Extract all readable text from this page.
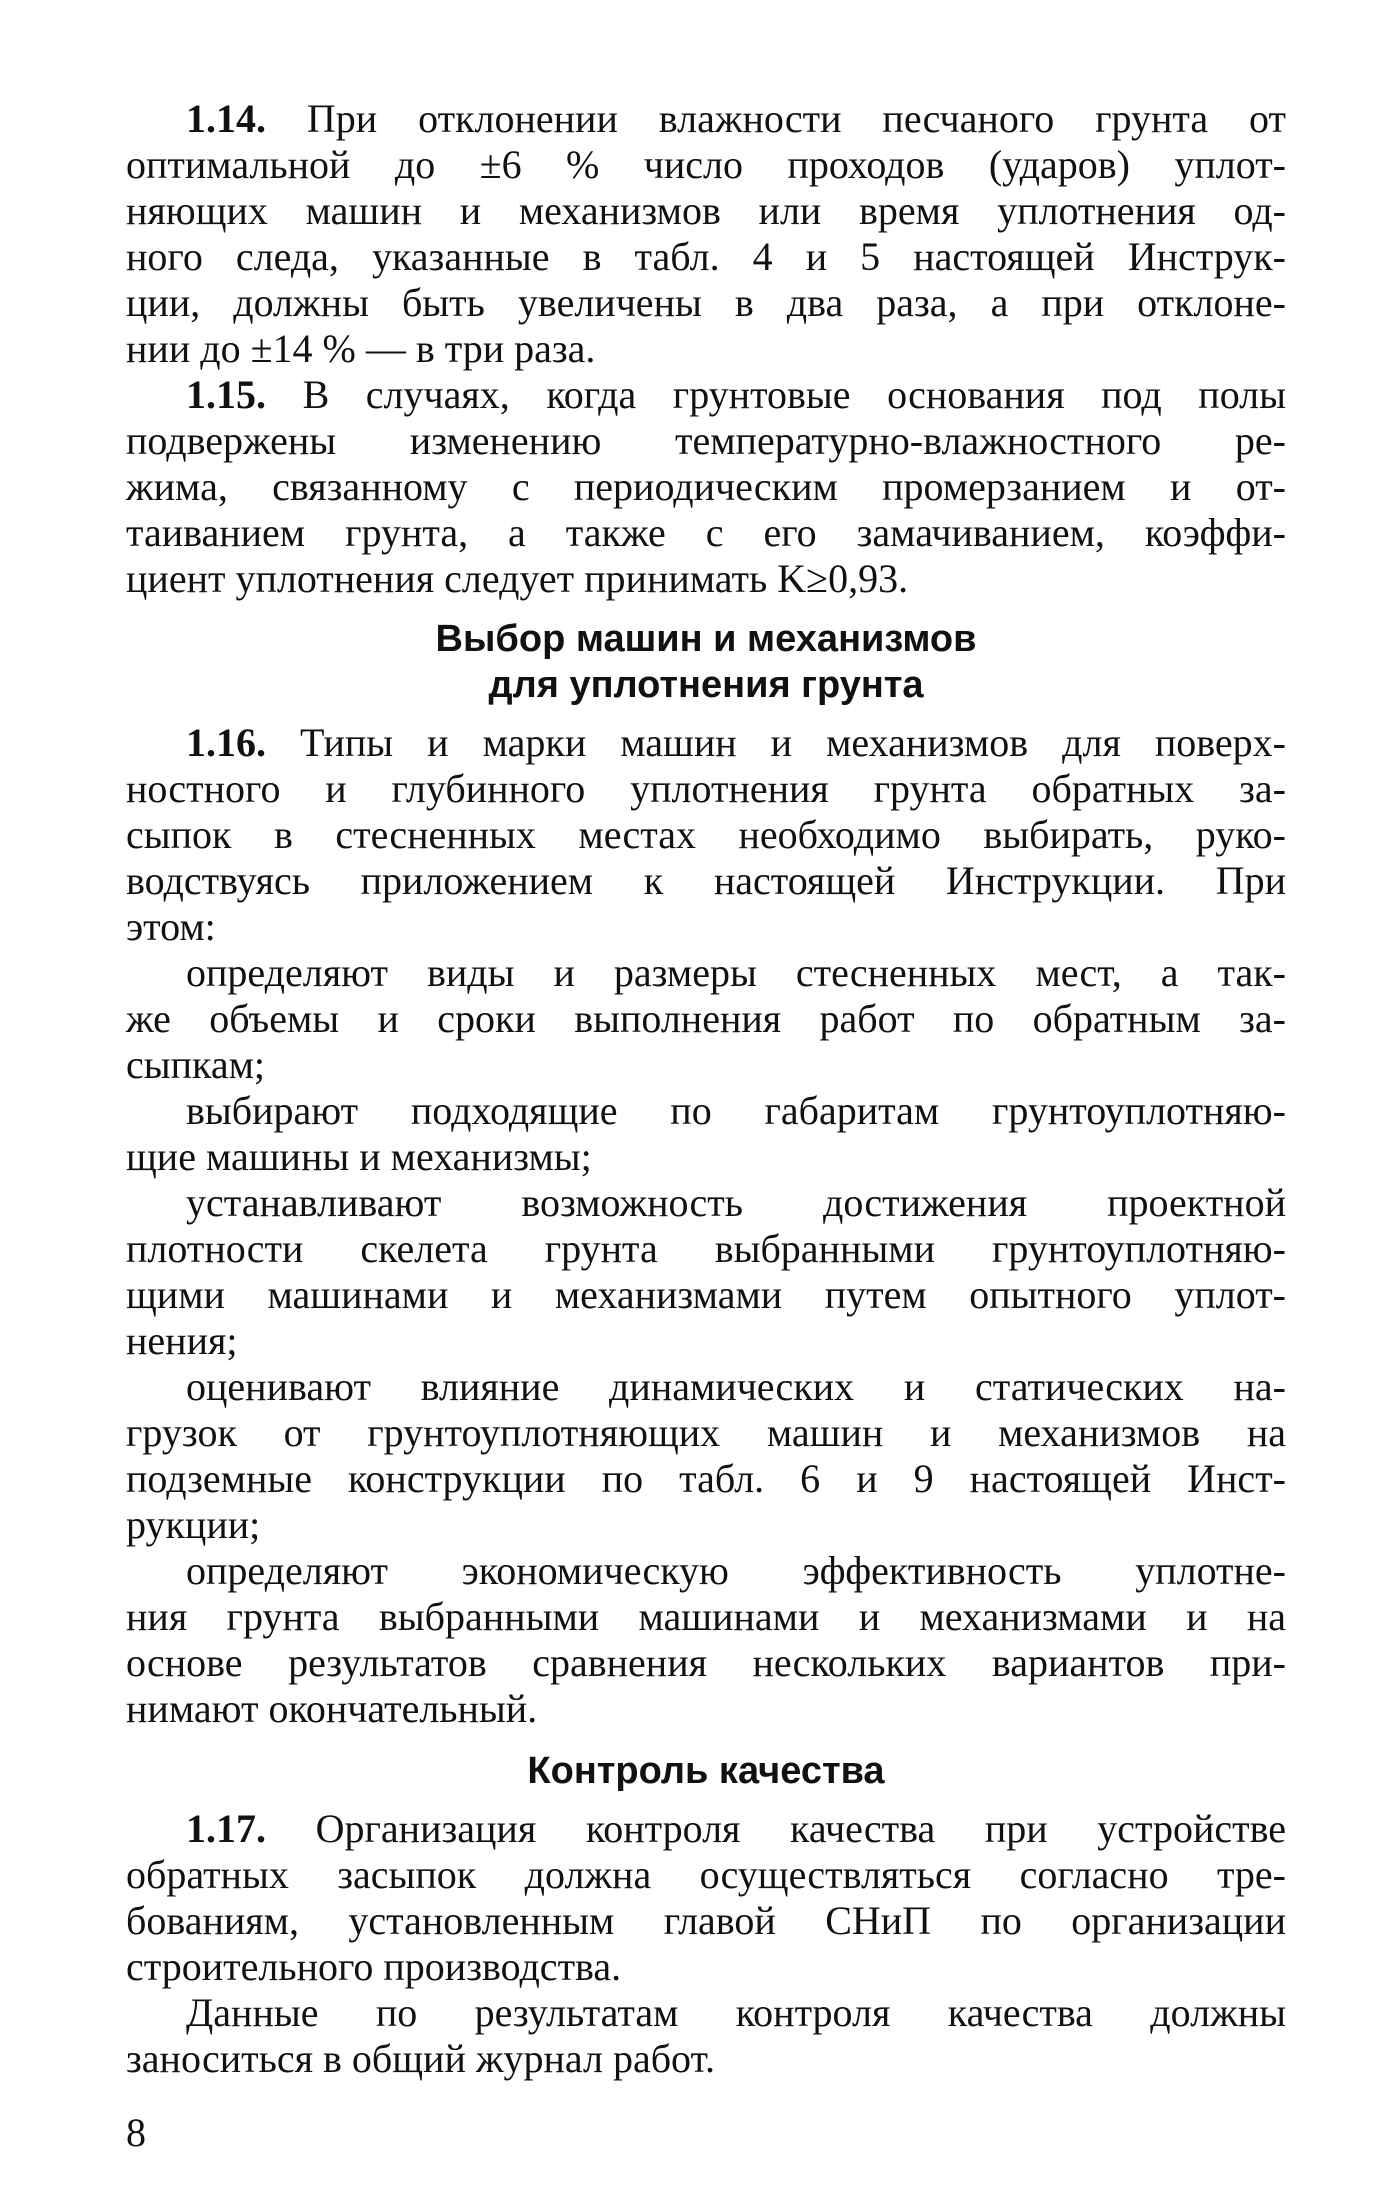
1.14. При отклонении влажности песчаного грунта от
оптимальной до ±6 % число проходов (ударов) уплот-
няющих машин и механизмов или время уплотнения од-
ного следа, указанные в табл. 4 и 5 настоящей Инструк-
ции, должны быть увеличены в два раза, а при отклоне-
нии до ±14 % — в три раза.
1.15. В случаях, когда грунтовые основания под полы
подвержены изменению температурно-влажностного ре-
жима, связанному с периодическим промерзанием и от-
таиванием грунта, а также с его замачиванием, коэффи-
циент уплотнения следует принимать K≥0,93.
Выбор машин и механизмов
для уплотнения грунта
1.16. Типы и марки машин и механизмов для поверх-
ностного и глубинного уплотнения грунта обратных за-
сыпок в стесненных местах необходимо выбирать, руко-
водствуясь приложением к настоящей Инструкции. При
этом:
определяют виды и размеры стесненных мест, а так-
же объемы и сроки выполнения работ по обратным за-
сыпкам;
выбирают подходящие по габаритам грунтоуплотняю-
щие машины и механизмы;
устанавливают возможность достижения проектной
плотности скелета грунта выбранными грунтоуплотняю-
щими машинами и механизмами путем опытного уплот-
нения;
оценивают влияние динамических и статических на-
грузок от грунтоуплотняющих машин и механизмов на
подземные конструкции по табл. 6 и 9 настоящей Инст-
рукции;
определяют экономическую эффективность уплотне-
ния грунта выбранными машинами и механизмами и на
основе результатов сравнения нескольких вариантов при-
нимают окончательный.
Контроль качества
1.17. Организация контроля качества при устройстве
обратных засыпок должна осуществляться согласно тре-
бованиям, установленным главой СНиП по организации
строительного производства.
Данные по результатам контроля качества должны
заноситься в общий журнал работ.
8
